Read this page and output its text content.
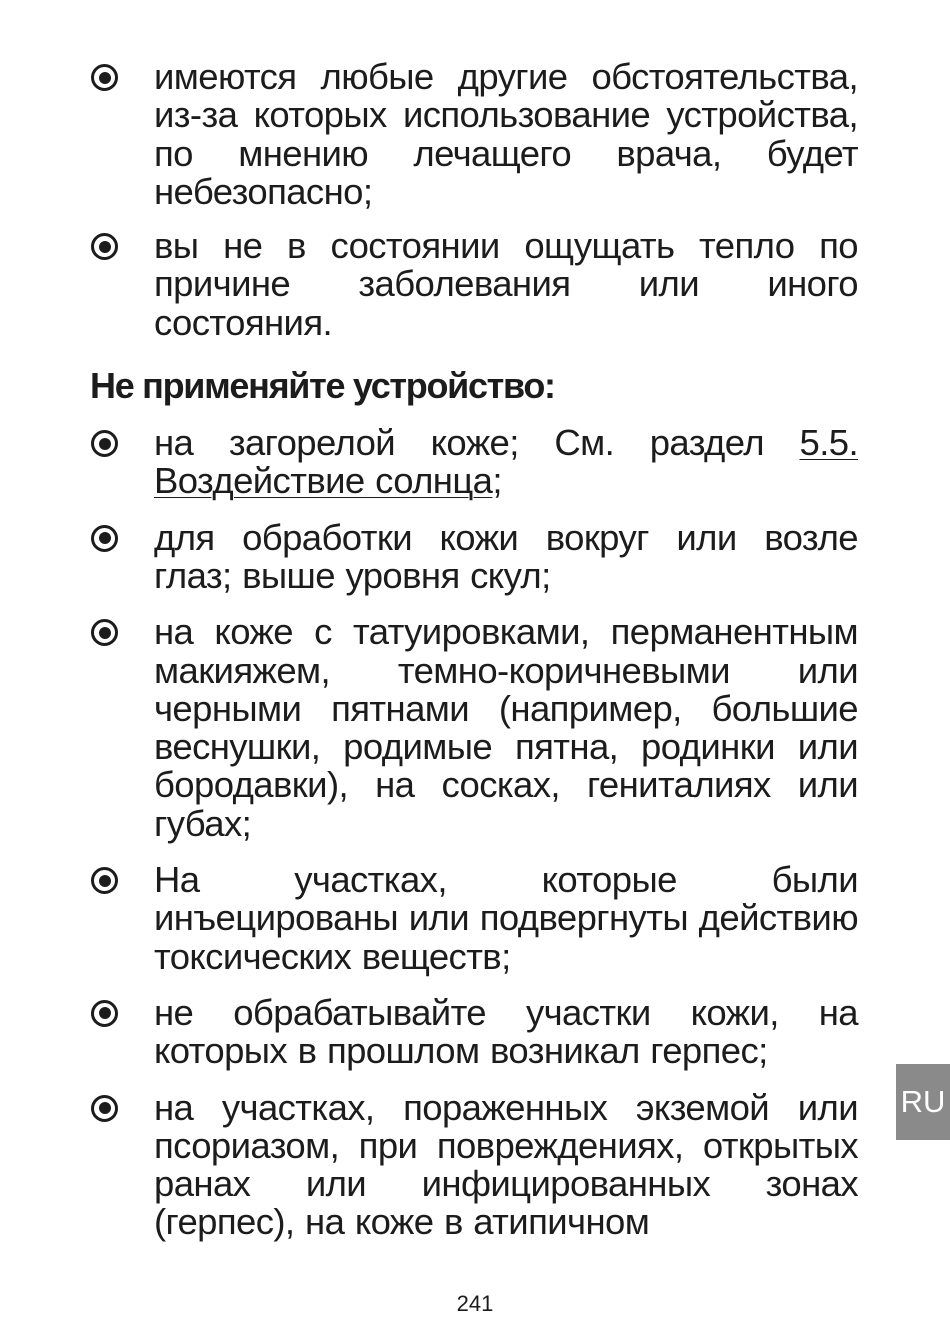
имеются любые другие обстоятельства, из-за которых использование устройства, по мнению лечащего врача, будет небезопасно;
вы не в состоянии ощущать тепло по причине заболевания или иного состояния.
Не применяйте устройство:
на загорелой коже; См. раздел 5.5. Воздействие солнца;
для обработки кожи вокруг или возле глаз; выше уровня скул;
на коже с татуировками, перманентным макияжем, темно-коричневыми или черными пятнами (например, большие веснушки, родимые пятна, родинки или бородавки), на сосках, гениталиях или губах;
На участках, которые были инъецированы или подвергнуты действию токсических веществ;
не обрабатывайте участки кожи, на которых в прошлом возникал герпес;
на участках, пораженных экземой или псориазом, при повреждениях, открытых ранах или инфицированных зонах (герпес), на коже в атипичном
RU
241
